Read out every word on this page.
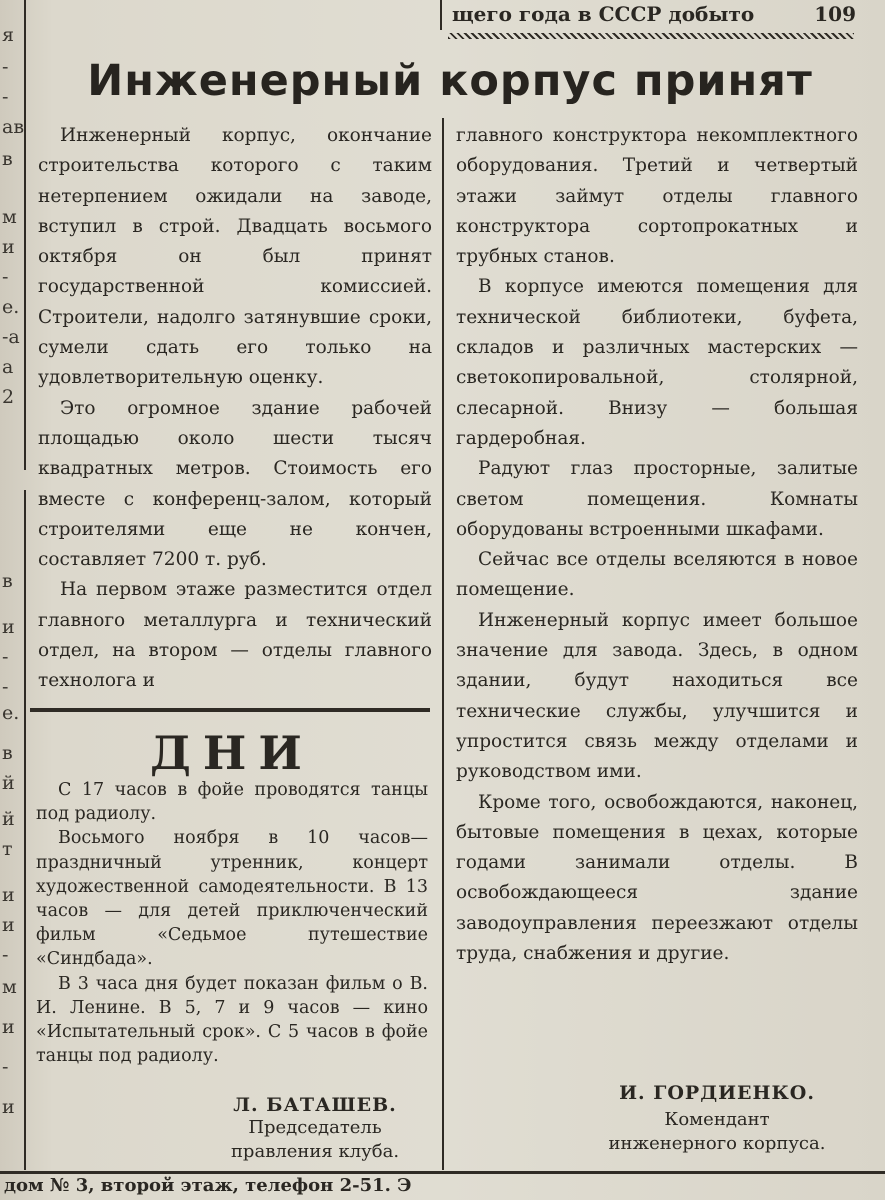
я
-
-
ав
в
м
и
-
е.
-а
а
2
в
и
-
-
е.
в
й
й
т
и
и
-
м
и
-
и
щего года в СССР добыто	109
Инженерный корпус принят

Инженерный корпус, окончание строительства которого с таким нетерпением ожидали на заводе, вступил в строй. Двадцать восьмого октября он был принят государственной комиссией. Строители, надолго затянувшие сроки, сумели сдать его только на удовлетворительную оценку.

Это огромное здание рабочей площадью около шести тысяч квадратных метров. Стоимость его вместе с конференц-залом, который строителями еще не кончен, составляет 7200 т. руб.

На первом этаже разместится отдел главного металлурга и технический отдел, на втором — отделы главного технолога и

главного конструктора некомплектного оборудования. Третий и четвертый этажи займут отделы главного конструктора сортопрокатных и трубных станов.

В корпусе имеются помещения для технической библиотеки, буфета, складов и различных мастерских — светокопировальной, столярной, слесарной. Внизу — большая гардеробная.

Радуют глаз просторные, залитые светом помещения. Комнаты оборудованы встроенными шкафами.

Сейчас все отделы вселяются в новое помещение.

Инженерный корпус имеет большое значение для завода. Здесь, в одном здании, будут находиться все технические службы, улучшится и упростится связь между отделами и руководством ими.

Кроме того, освобождаются, наконец, бытовые помещения в цехах, которые годами занимали отделы. В освобождающееся здание заводоуправления переезжают отделы труда, снабжения и другие.

ДНИ

С 17 часов в фойе проводятся танцы под радиолу.

Восьмого ноября в 10 часов—праздничный утренник, концерт художественной самодеятельности. В 13 часов — для детей приключенческий фильм «Седьмое путешествие «Синдбада».

В 3 часа дня будет показан фильм о В. И. Ленине. В 5, 7 и 9 часов — кино «Испытательный срок». С 5 часов в фойе танцы под радиолу.

Л. БАТАШЕВ.
Председатель
правления клуба.
И. ГОРДИЕНКО.
Комендант
инженерного корпуса.
дом № 3, второй этаж, телефон 2-51. Э
